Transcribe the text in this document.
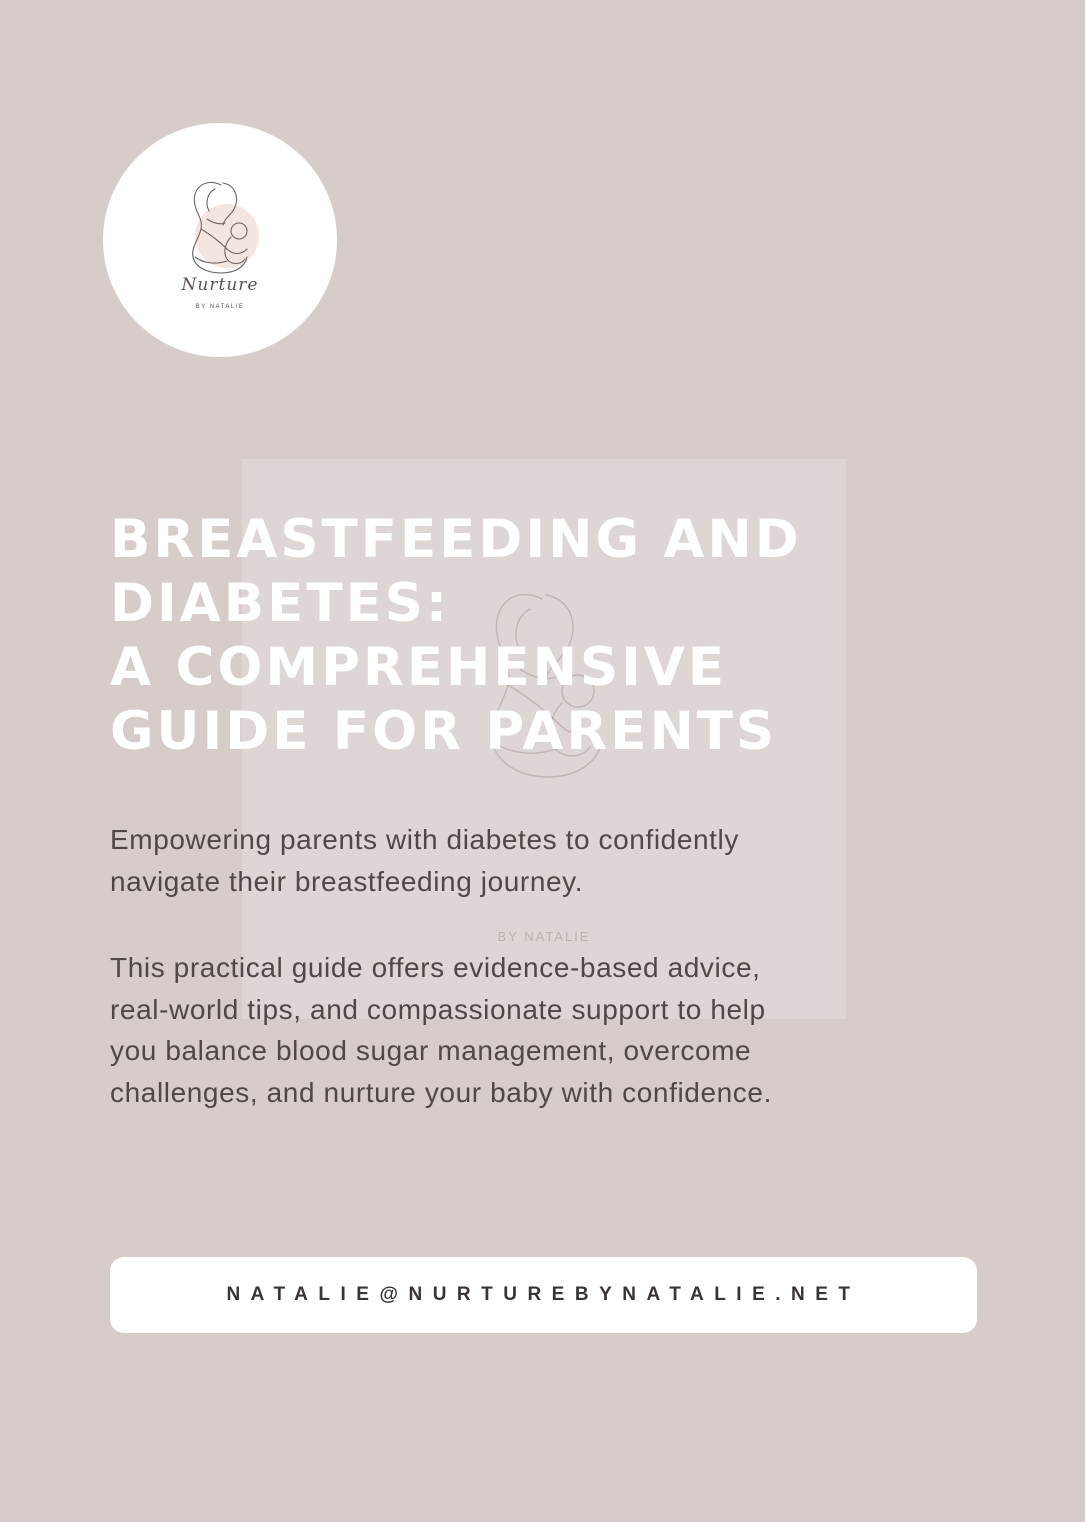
Nurture
BY NATALIE
BY NATALIE
BREASTFEEDING AND
DIABETES:
A COMPREHENSIVE
GUIDE FOR PARENTS

Empowering parents with diabetes to confidently
navigate their breastfeeding journey.

This practical guide offers evidence-based advice,
real-world tips, and compassionate support to help
you balance blood sugar management, overcome
challenges, and nurture your baby with confidence.

NATALIE@NURTUREBYNATALIE.NET
